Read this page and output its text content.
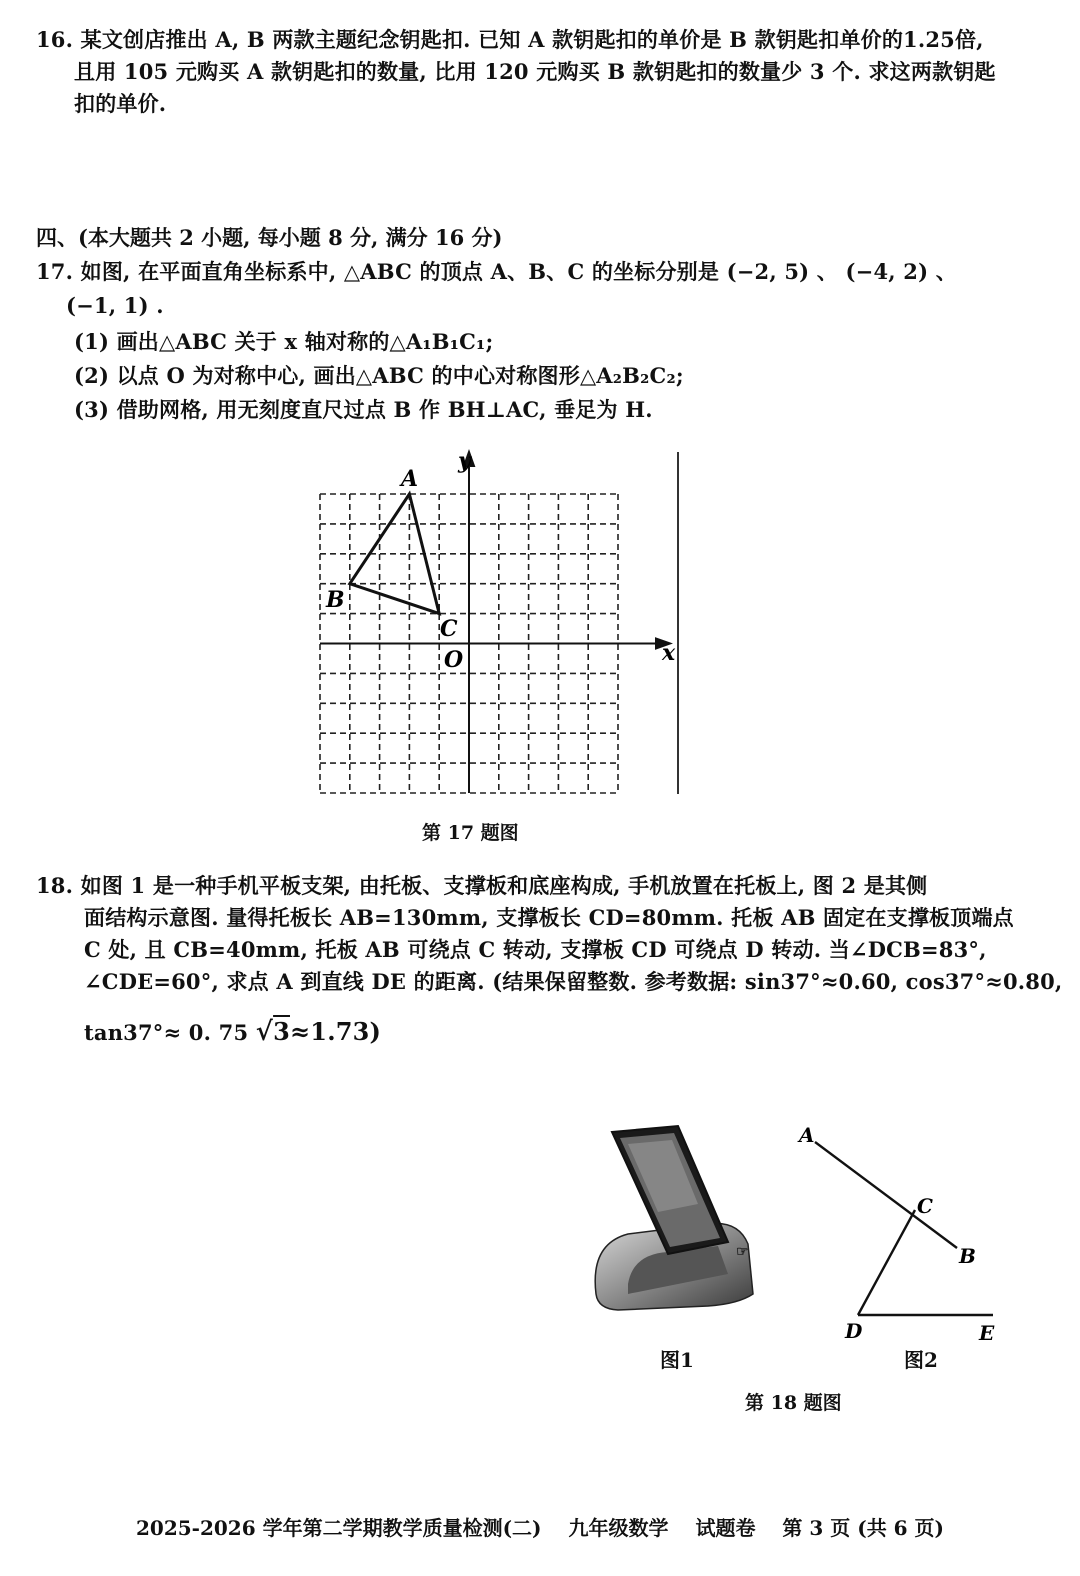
16. 某文创店推出 A, B 两款主题纪念钥匙扣. 已知 A 款钥匙扣的单价是 B 款钥匙扣单价的1.25倍,
且用 105 元购买 A 款钥匙扣的数量, 比用 120 元购买 B 款钥匙扣的数量少 3 个. 求这两款钥匙
扣的单价.
四、(本大题共 2 小题, 每小题 8 分, 满分 16 分)
17. 如图, 在平面直角坐标系中, △ABC 的顶点 A、B、C 的坐标分别是 (−2, 5) 、 (−4, 2) 、
(−1, 1) .
(1) 画出△ABC 关于 x 轴对称的△A₁B₁C₁;
(2) 以点 O 为对称中心, 画出△ABC 的中心对称图形△A₂B₂C₂;
(3) 借助网格, 用无刻度直尺过点 B 作 BH⊥AC, 垂足为 H.
y
x
A
B
C
O
第 17 题图
18. 如图 1 是一种手机平板支架, 由托板、支撑板和底座构成, 手机放置在托板上, 图 2 是其侧
面结构示意图. 量得托板长 AB=130mm, 支撑板长 CD=80mm. 托板 AB 固定在支撑板顶端点
C 处, 且 CB=40mm, 托板 AB 可绕点 C 转动, 支撑板 CD 可绕点 D 转动. 当∠DCB=83°,
∠CDE=60°, 求点 A 到直线 DE 的距离. (结果保留整数. 参考数据: sin37°≈0.60, cos37°≈0.80,
tan37°≈ 0. 75 √3≈1.73)
☞
图1
A
C
B
D	E
图2
第 18 题图
2025-2026 学年第二学期教学质量检测(二) 九年级数学 试题卷 第 3 页 (共 6 页)
